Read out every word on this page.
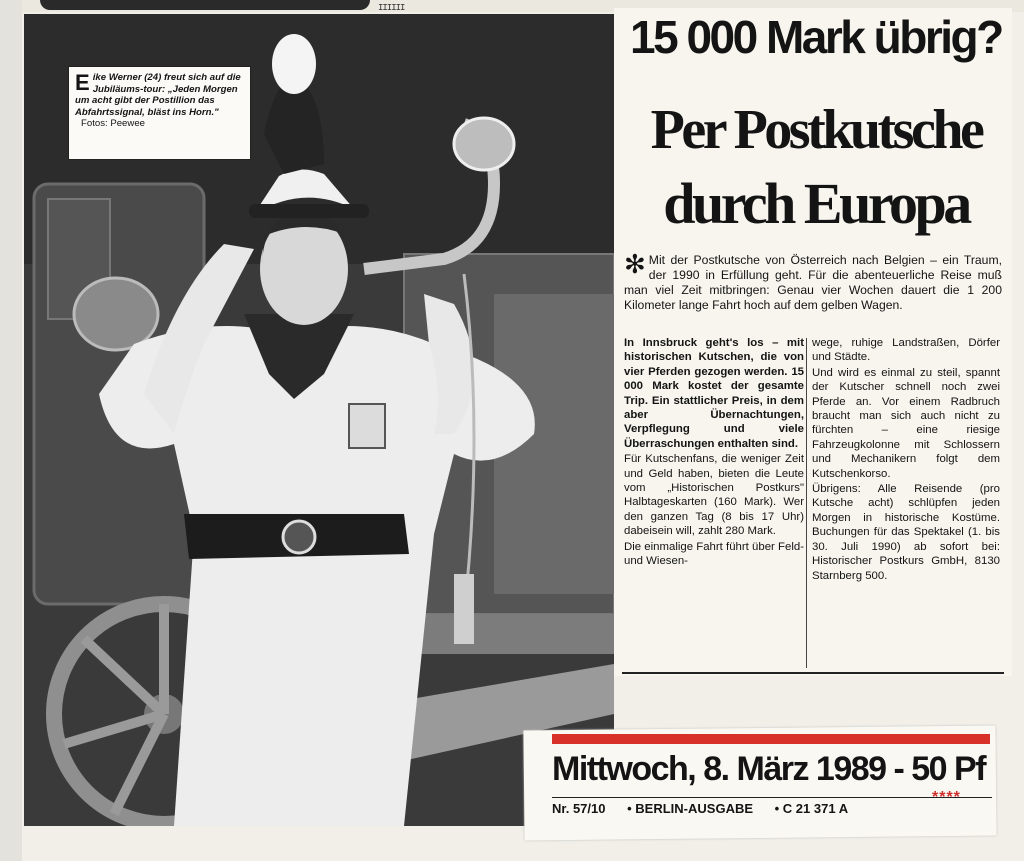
IIIIII
Eike Werner (24) freut sich auf die Jubiläums-tour: „Jeden Morgen um acht gibt der Postillion das Abfahrtssignal, bläst ins Horn." Fotos: Peewee
15 000 Mark übrig?
Per Postkutsche
durch Europa
✻ Mit der Postkutsche von Österreich nach Belgien – ein Traum, der 1990 in Erfüllung geht. Für die abenteuerliche Reise muß man viel Zeit mitbringen: Genau vier Wochen dauert die 1 200 Kilometer lange Fahrt hoch auf dem gelben Wagen.

In Innsbruck geht's los – mit historischen Kutschen, die von vier Pferden gezogen werden. 15 000 Mark kostet der gesamte Trip. Ein stattlicher Preis, in dem aber Übernachtungen, Verpflegung und viele Überraschungen enthalten sind.

Für Kutschenfans, die weniger Zeit und Geld haben, bieten die Leute vom „Historischen Postkurs" Halbtageskarten (160 Mark). Wer den ganzen Tag (8 bis 17 Uhr) dabeisein will, zahlt 280 Mark.

Die einmalige Fahrt führt über Feld- und Wiesen-

wege, ruhige Landstraßen, Dörfer und Städte.

Und wird es einmal zu steil, spannt der Kutscher schnell noch zwei Pferde an. Vor einem Radbruch braucht man sich auch nicht zu fürchten – eine riesige Fahrzeugkolonne mit Schlossern und Mechanikern folgt dem Kutschenkorso.

Übrigens: Alle Reisende (pro Kutsche acht) schlüpfen jeden Morgen in historische Kostüme. Buchungen für das Spektakel (1. bis 30. Juli 1990) ab sofort bei: Historischer Postkurs GmbH, 8130 Starnberg 500.

Mittwoch, 8. März 1989 - 50 Pf
****
Nr. 57/10 • BERLIN-AUSGABE • C 21 371 A
